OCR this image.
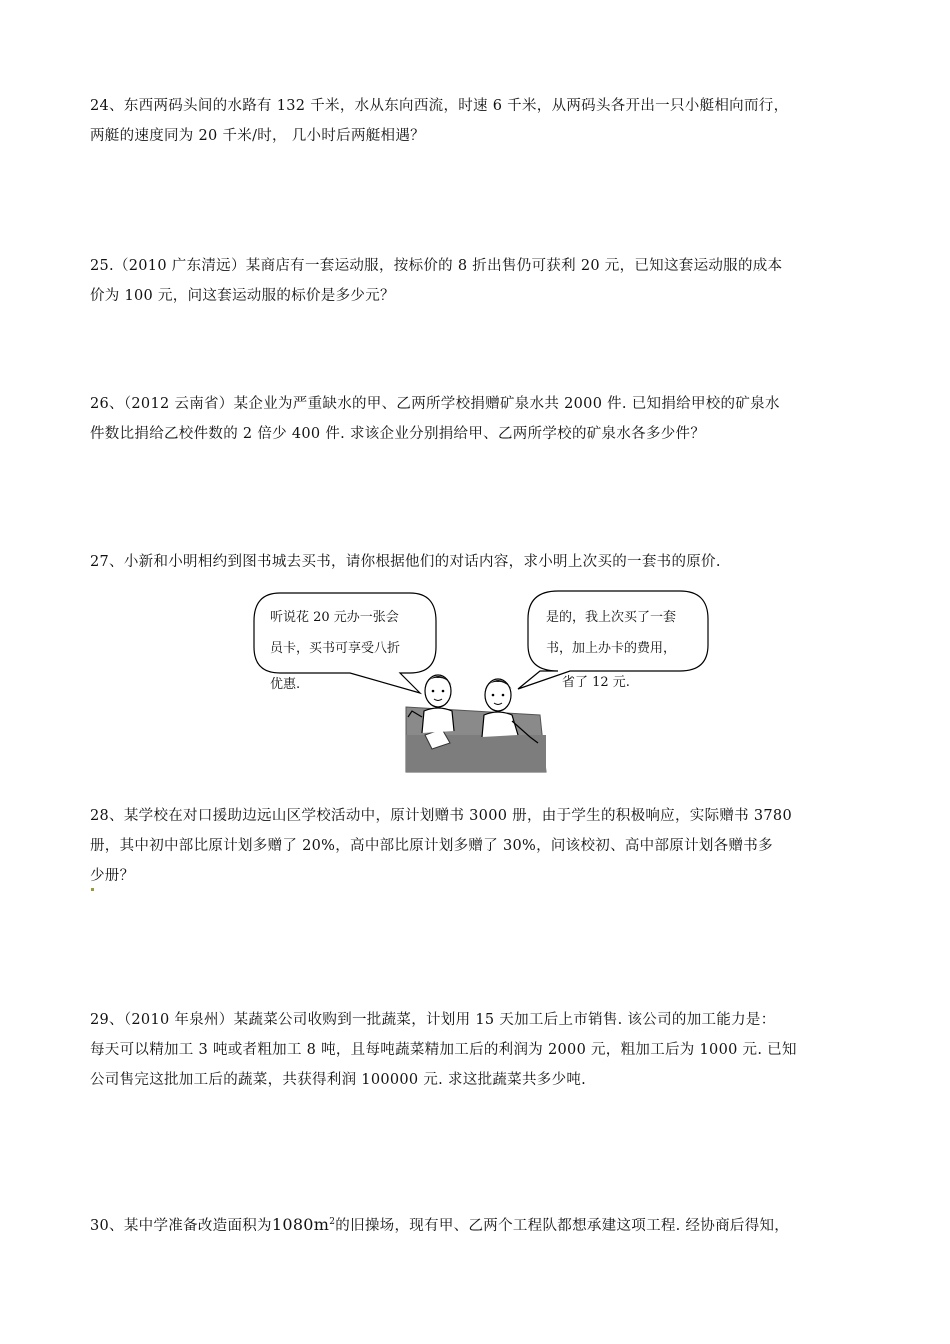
24、东西两码头间的水路有 132 千米，水从东向西流，时速 6 千米，从两码头各开出一只小艇相向而行，

两艇的速度同为 20 千米/时， 几小时后两艇相遇？

25.（2010 广东清远）某商店有一套运动服，按标价的 8 折出售仍可获利 20 元，已知这套运动服的成本

价为 100 元，问这套运动服的标价是多少元？

26、（2012 云南省）某企业为严重缺水的甲、乙两所学校捐赠矿泉水共 2000 件. 已知捐给甲校的矿泉水

件数比捐给乙校件数的 2 倍少 400 件. 求该企业分别捐给甲、乙两所学校的矿泉水各多少件？

27、小新和小明相约到图书城去买书，请你根据他们的对话内容，求小明上次买的一套书的原价.

听说花 20 元办一张会
员卡，买书可享受八折
优惠.
是的，我上次买了一套
书，加上办卡的费用，
省了 12 元.

28、某学校在对口援助边远山区学校活动中，原计划赠书 3000 册，由于学生的积极响应，实际赠书 3780

册，其中初中部比原计划多赠了 20%，高中部比原计划多赠了 30%，问该校初、高中部原计划各赠书多

少册？

29、（2010 年泉州）某蔬菜公司收购到一批蔬菜，计划用 15 天加工后上市销售. 该公司的加工能力是：

每天可以精加工 3 吨或者粗加工 8 吨，且每吨蔬菜精加工后的利润为 2000 元，粗加工后为 1000 元. 已知

公司售完这批加工后的蔬菜，共获得利润 100000 元. 求这批蔬菜共多少吨.

30、某中学准备改造面积为$1080m^2$的旧操场，现有甲、乙两个工程队都想承建这项工程. 经协商后得知，
